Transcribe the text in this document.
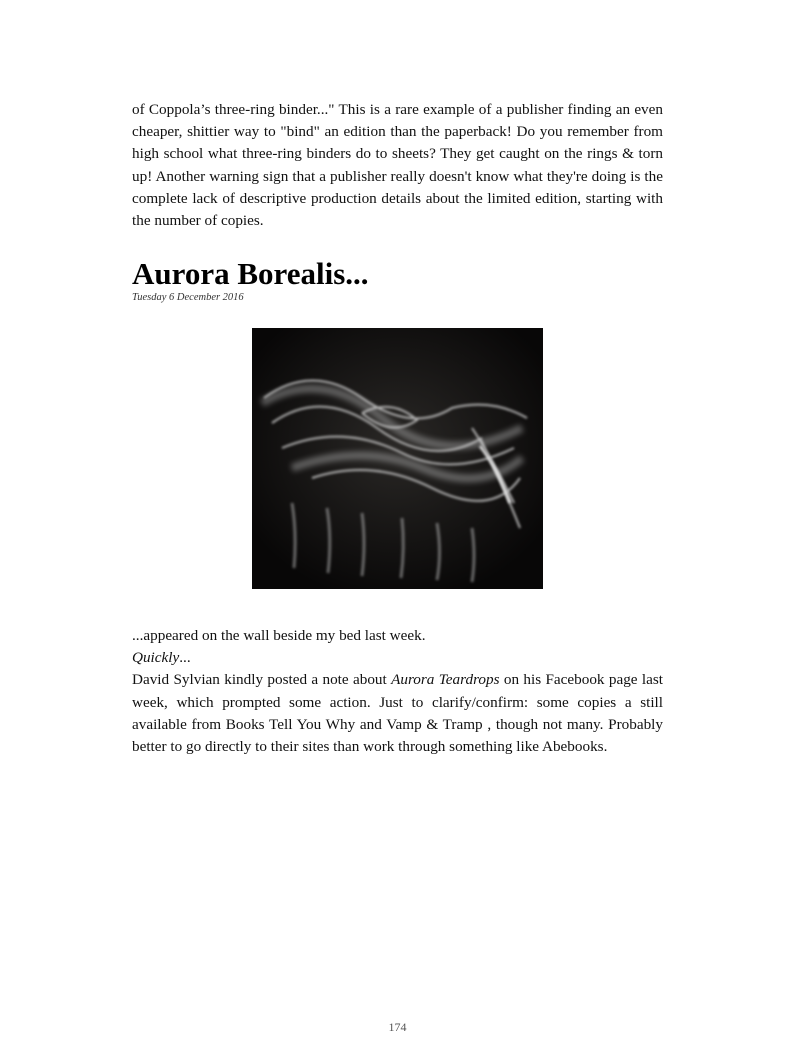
of Coppola’s three-ring binder..." This is a rare example of a publisher finding an even cheaper, shittier way to "bind" an edition than the paperback! Do you remember from high school what three-ring binders do to sheets? They get caught on the rings & torn up! Another warning sign that a publisher really doesn't know what they're doing is the complete lack of descriptive production details about the limited edition, starting with the number of copies.

Aurora Borealis...
Tuesday 6 December 2016
...appeared on the wall beside my bed last week.
Quickly...
David Sylvian kindly posted a note about Aurora Teardrops on his Facebook page last week, which prompted some action. Just to clarify/confirm: some copies a still available from Books Tell You Why and Vamp & Tramp , though not many. Probably better to go directly to their sites than work through something like Abebooks.
174
